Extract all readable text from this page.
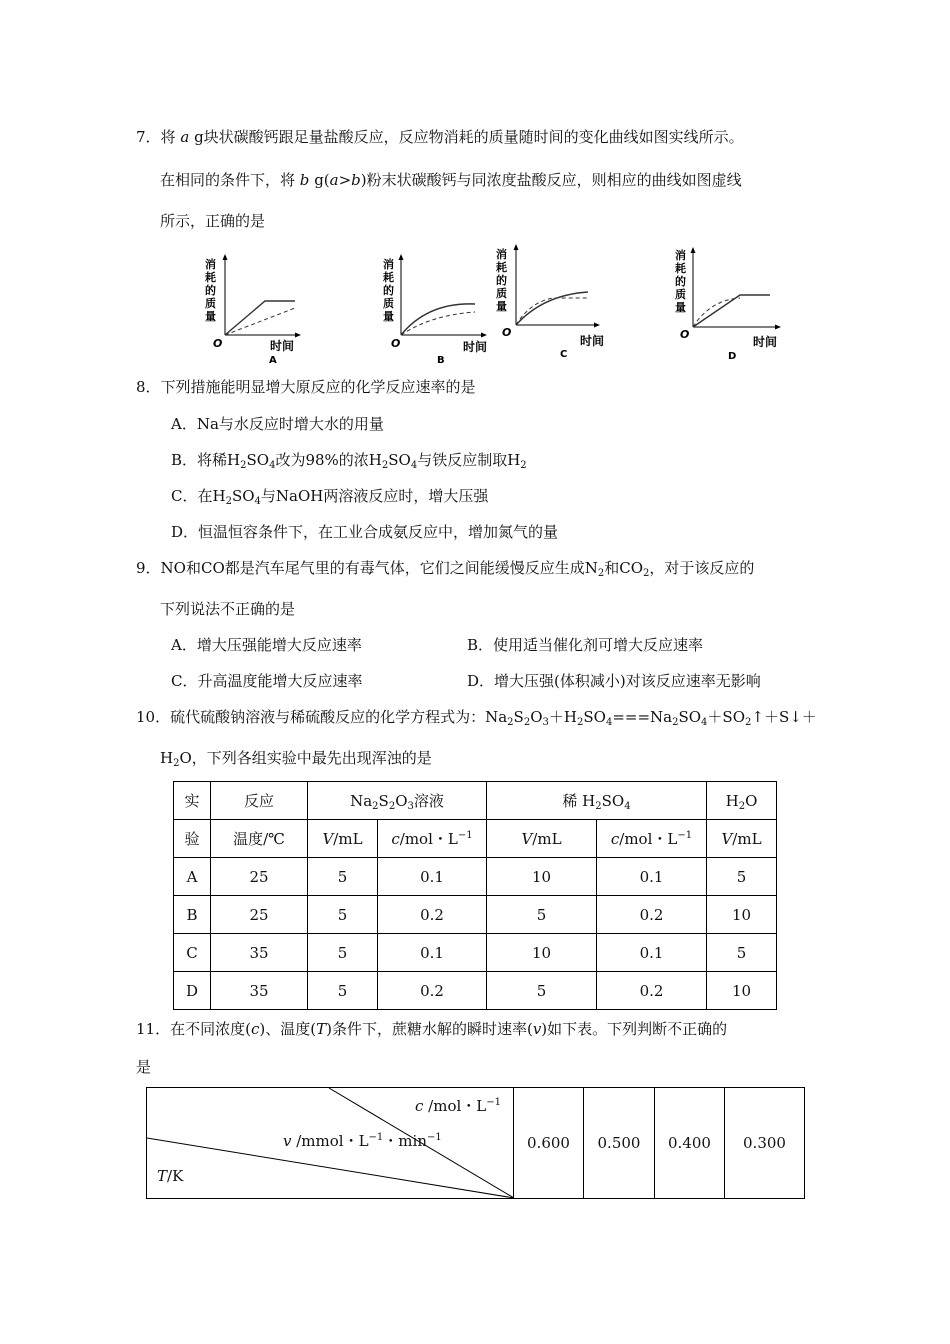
7．将 a g块状碳酸钙跟足量盐酸反应，反应物消耗的质量随时间的变化曲线如图实线所示。
在相同的条件下，将 b g(a>b)粉末状碳酸钙与同浓度盐酸反应，则相应的曲线如图虚线
所示，正确的是
消
耗
的
质
量
O	时间
A
消
耗
的
质
量
O	时间
B
消
耗
的
质
量
O
时间
C
消
耗
的
质
量
O
时间
D
8．下列措施能明显增大原反应的化学反应速率的是
A．Na与水反应时增大水的用量
B．将稀$H_2SO_4$改为98%的浓$H_2SO_4$与铁反应制取$H_2$
C．在$H_2SO_4$与NaOH两溶液反应时，增大压强
D．恒温恒容条件下，在工业合成氨反应中，增加氮气的量
9．NO和CO都是汽车尾气里的有毒气体，它们之间能缓慢反应生成$N_2$和$CO_2$，对于该反应的
下列说法不正确的是
A．增大压强能增大反应速率	B．使用适当催化剂可增大反应速率
C．升高温度能增大反应速率	D．增大压强(体积减小)对该反应速率无影响
10．硫代硫酸钠溶液与稀硫酸反应的化学方程式为：$Na_2S_2O_3+H_2SO_4===Na_2SO_4+SO_2↑+S↓+$
$H_2O$，下列各组实验中最先出现浑浊的是
实	反应	$Na_2S_2O_3$溶液		稀 $H_2SO_4$		$H_2O$
验	温度/℃	V/mL	c/mol・$L^{-1}$	V/mL	c/mol・$L^{-1}$	V/mL
A	25	5	0.1	10	0.1	5
B	25	5	0.2	5	0.2	10
C	35	5	0.1	10	0.1	5
D	35	5	0.2	5	0.2	10
11．在不同浓度(c)、温度(T)条件下，蔗糖水解的瞬时速率(v)如下表。下列判断不正确的
是
c /mol・$L^{-1}$
v /mmol・$L^{-1}$・$\min^{-1}$
T/K
	0.600	0.500	0.400	0.300
